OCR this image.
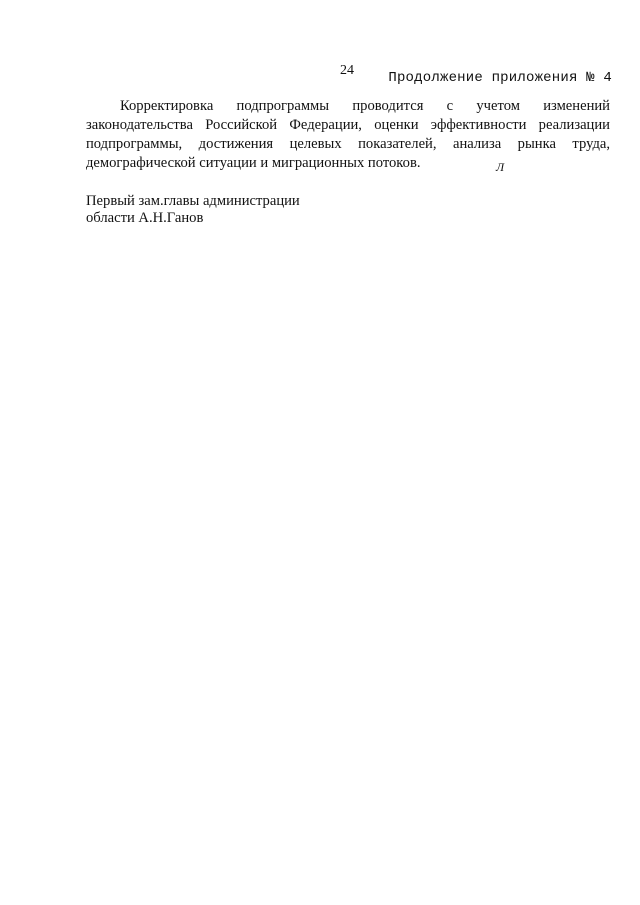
24 Продолжение приложения № 4

Корректировка подпрограммы проводится с учетом изменений законодательства Российской Федерации, оценки эффективности реализации подпрограммы, достижения целевых показателей, анализа рынка труда, демографической ситуации и миграционных потоков.	Л
Первый зам.главы администрации
области А.Н.Ганов
